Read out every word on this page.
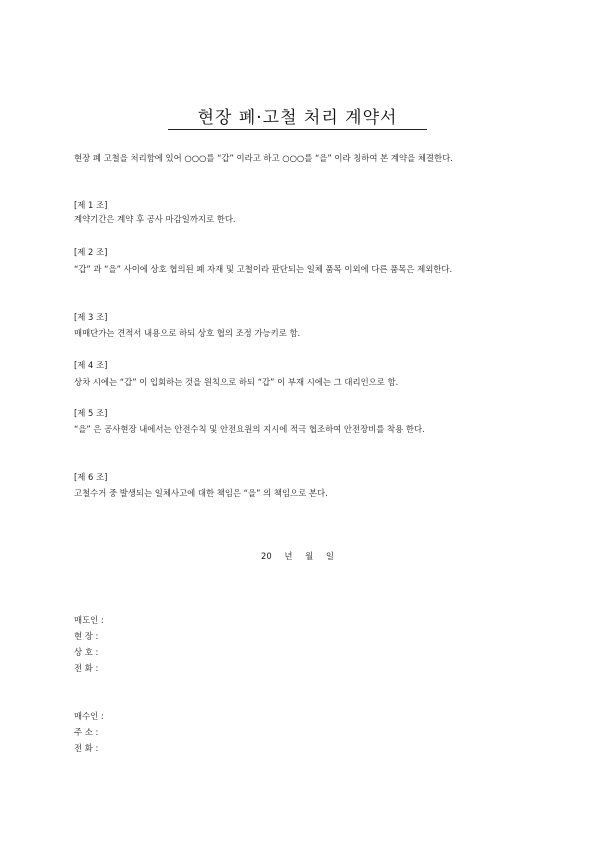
현장 폐·고철 처리 계약서
현장 폐 고철을 처리함에 있어 ○○○를 “갑” 이라고 하고 ○○○를 “을” 이라 칭하여 본 계약을 체결한다.
[제 1 조]
계약기간은 계약 후 공사 마감일까지로 한다.
[제 2 조]
“갑” 과 “을” 사이에 상호 협의된 폐 자재 및 고철이라 판단되는 일체 품목 이외에 다른 품목은 제외한다.
[제 3 조]
매매단가는 견적서 내용으로 하되 상호 협의 조정 가능키로 함.
[제 4 조]
상차 시에는 “갑” 이 입회하는 것을 원칙으로 하되 “갑” 이 부재 시에는 그 대리인으로 함.
[제 5 조]
“을” 은 공사현장 내에서는 안전수칙 및 안전요원의 지시에 적극 협조하여 안전장비를 착용 한다.
[제 6 조]
고철수거 중 발생되는 일체사고에 대한 책임은 “을” 의 책임으로 본다.
20 년 월 일
매도인 :
현 장 :
상 호 :
전 화 :
매수인 :
주 소 :
전 화 :
